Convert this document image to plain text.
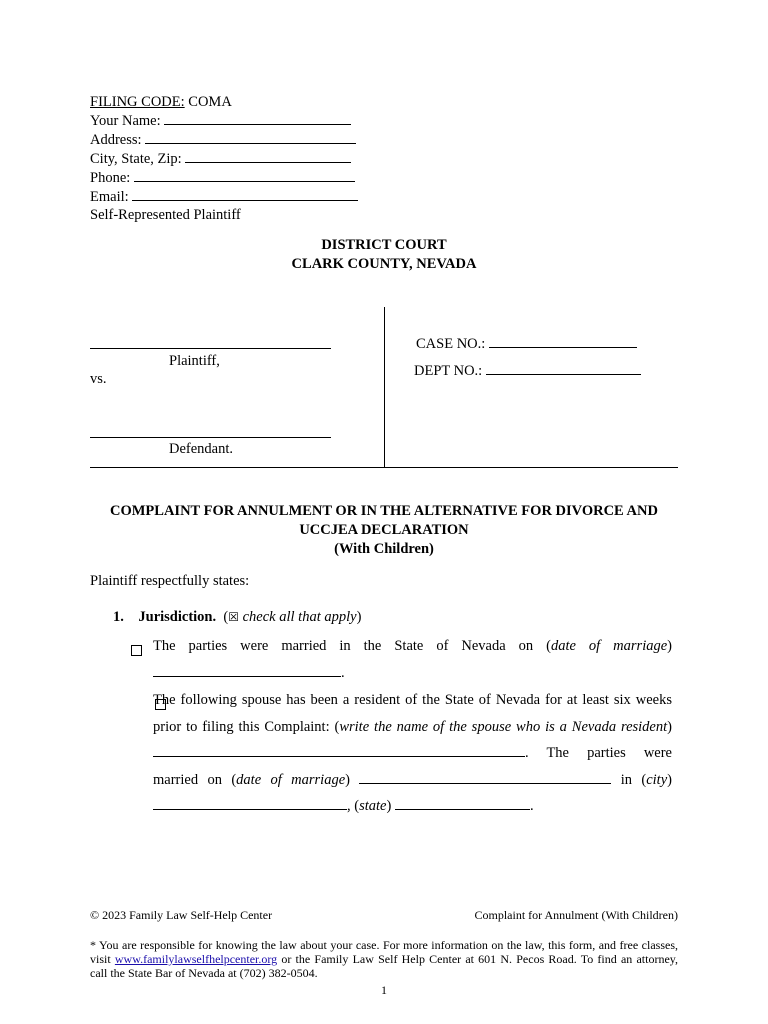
FILING CODE: COMA
Your Name:
Address:
City, State, Zip:
Phone:
Email:
Self-Represented Plaintiff
DISTRICT COURT
CLARK COUNTY, NEVADA
Plaintiff,
vs.
Defendant.
CASE NO.:
DEPT NO.:
COMPLAINT FOR ANNULMENT OR IN THE ALTERNATIVE FOR DIVORCE AND
UCCJEA DECLARATION
(With Children)
Plaintiff respectfully states:
1. Jurisdiction. (☒ check all that apply)

The parties were married in the State of Nevada on (date of marriage) .
The following spouse has been a resident of the State of Nevada for at least six weeks prior to filing this Complaint: (write the name of the spouse who is a Nevada resident) . The parties were married on (date of marriage)	in (city) , (state)	.
© 2023 Family Law Self-Help Center	Complaint for Annulment (With Children)
* You are responsible for knowing the law about your case. For more information on the law, this form, and free classes, visit www.familylawselfhelpcenter.org or the Family Law Self Help Center at 601 N. Pecos Road. To find an attorney, call the State Bar of Nevada at (702) 382-0504.
1
